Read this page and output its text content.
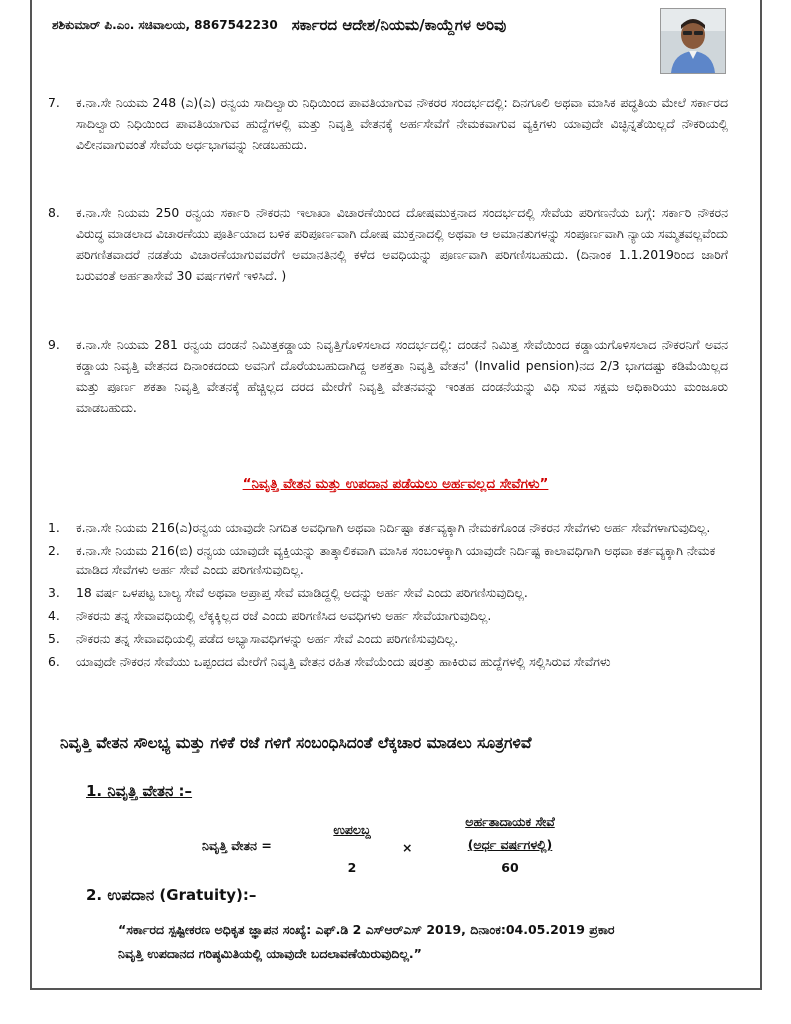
ಶಶಿಕುಮಾರ್ ಪಿ.ಎಂ. ಸಚಿವಾಲಯ, 8867542230 ಸರ್ಕಾರದ ಆದೇಶ/ನಿಯಮ/ಕಾಯ್ದೆಗಳ ಅರಿವು
7. ಕ.ನಾ.ಸೇ ನಿಯಮ 248 (ಎ)(ಎ) ರನ್ವಯ ಸಾದಿಲ್ವಾರು ನಿಧಿಯಿಂದ ಪಾವತಿಯಾಗುವ ನೌಕರರ ಸಂದರ್ಭದಲ್ಲಿ: ದಿನಗೂಲಿ ಅಥವಾ ಮಾಸಿಕ ಪದ್ಧತಿಯ ಮೇಲೆ ಸರ್ಕಾರದ ಸಾದಿಲ್ವಾರು ನಿಧಿಯಿಂದ ಪಾವತಿಯಾಗುವ ಹುದ್ದೆಗಳಲ್ಲಿ ಮತ್ತು ನಿವೃತ್ತಿ ವೇತನಕ್ಕೆ ಅರ್ಹಸೇವೆಗೆ ನೇಮಕವಾಗುವ ವ್ಯಕ್ತಿಗಳು ಯಾವುದೇ ವಿಚ್ಛಿನ್ನತೆಯಿಲ್ಲದೆ ನೌಕರಿಯಲ್ಲಿ ವಿಲೀನವಾಗುವಂತೆ ಸೇವೆಯ ಅರ್ಧಭಾಗವನ್ನು ನೀಡಬಹುದು.
8. ಕ.ನಾ.ಸೇ ನಿಯಮ 250 ರನ್ವಯ ಸರ್ಕಾರಿ ನೌಕರನು ಇಲಾಖಾ ವಿಚಾರಣೆಯಿಂದ ದೋಷಮುಕ್ತನಾದ ಸಂದರ್ಭದಲ್ಲಿ ಸೇವೆಯ ಪರಿಗಣನೆಯ ಬಗ್ಗೆ: ಸರ್ಕಾರಿ ನೌಕರನ ವಿರುದ್ಧ ಮಾಡಲಾದ ವಿಚಾರಣೆಯು ಪೂರ್ತಿಯಾದ ಬಳಿಕ ಪರಿಪೂರ್ಣವಾಗಿ ದೋಷ ಮುಕ್ತನಾದಲ್ಲಿ ಅಥವಾ ಆ ಅಮಾನತುಗಳನ್ನು ಸಂಪೂರ್ಣವಾಗಿ ನ್ಯಾಯ ಸಮ್ಮತವಲ್ಲವೆಂದು ಪರಿಗಣಿತವಾದರೆ ನಡತೆಯ ವಿಚಾರಣೆಯಾಗುವವರೆಗೆ ಅಮಾನತಿನಲ್ಲಿ ಕಳೆದ ಅವಧಿಯನ್ನು ಪೂರ್ಣವಾಗಿ ಪರಿಗಣಿಸಬಹುದು. (ದಿನಾಂಕ 1.1.2019ರಿಂದ ಜಾರಿಗೆ ಬರುವಂತೆ ಅರ್ಹತಾಸೇವೆ 30 ವರ್ಷಗಳಿಗೆ ಇಳಿಸಿದೆ. )
9. ಕ.ನಾ.ಸೇ ನಿಯಮ 281 ರನ್ವಯ ದಂಡನೆ ನಿಮಿತ್ತಕಡ್ಡಾಯ ನಿವೃತ್ತಿಗೊಳಿಸಲಾದ ಸಂದರ್ಭದಲ್ಲಿ: ದಂಡನೆ ನಿಮಿತ್ತ ಸೇವೆಯಿಂದ ಕಡ್ಡಾಯಗೊಳಿಸಲಾದ ನೌಕರನಿಗೆ ಅವನ ಕಡ್ಡಾಯ ನಿವೃತ್ತಿ ವೇತನದ ದಿನಾಂಕದಂದು ಅವನಿಗೆ ದೊರೆಯಬಹುದಾಗಿದ್ದ ಅಶಕ್ತತಾ ನಿವೃತ್ತಿ ವೇತನ' (Invalid pension)ನದ 2/3 ಭಾಗದಷ್ಟು ಕಡಿಮೆಯಿಲ್ಲದ ಮತ್ತು ಪೂರ್ಣ ಶಕತಾ ನಿವೃತ್ತಿ ವೇತನಕ್ಕೆ ಹೆಚ್ಚಿಲ್ಲದ ದರದ ಮೇರೆಗೆ ನಿವೃತ್ತಿ ವೇತನವನ್ನು ಇಂತಹ ದಂಡನೆಯನ್ನು ವಿಧಿ ಸುವ ಸಕ್ಷಮ ಅಧಿಕಾರಿಯು ಮಂಜೂರು ಮಾಡಬಹುದು.
“ನಿವೃತ್ತಿ ವೇತನ ಮತ್ತು ಉಪದಾನ ಪಡೆಯಲು ಅರ್ಹವಲ್ಲದ ಸೇವೆಗಳು”
1. ಕ.ನಾ.ಸೇ ನಿಯಮ 216(ಎ)ರನ್ವಯ ಯಾವುದೇ ನಿಗದಿತ ಅವಧಿಗಾಗಿ ಅಥವಾ ನಿರ್ದಿಷ್ಟಾ ಕರ್ತವ್ಯಕ್ಕಾಗಿ ನೇಮಕಗೊಂಡ ನೌಕರನ ಸೇವೆಗಳು ಅರ್ಹ ಸೇವೆಗಳಾಗುವುದಿಲ್ಲ.
2. ಕ.ನಾ.ಸೇ ನಿಯಮ 216(ಬಿ) ರನ್ವಯ ಯಾವುದೇ ವ್ಯಕ್ತಿಯನ್ನು ತಾತ್ಕಾಲಿಕವಾಗಿ ಮಾಸಿಕ ಸಂಬಂಳಕ್ಕಾಗಿ ಯಾವುದೇ ನಿರ್ದಿಷ್ಟ ಕಾಲಾವಧಿಗಾಗಿ ಅಥವಾ ಕರ್ತವ್ಯಕ್ಕಾಗಿ ನೇಮಕ ಮಾಡಿದ ಸೇವೆಗಳು ಅರ್ಹ ಸೇವೆ ಎಂದು ಪರಿಗಣಿಸುವುದಿಲ್ಲ.
3. 18 ವರ್ಷ ಒಳಪಟ್ಟ ಬಾಲ್ಯ ಸೇವೆ ಅಥವಾ ಅಪ್ರಾಪ್ತ ಸೇವೆ ಮಾಡಿದ್ದಲ್ಲಿ ಅದನ್ನು ಅರ್ಹ ಸೇವೆ ಎಂದು ಪರಿಗಣಿಸುವುದಿಲ್ಲ.
4. ನೌಕರನು ತನ್ನ ಸೇವಾವಧಿಯಲ್ಲಿ ಲೆಕ್ಕಕ್ಕಿಲ್ಲದ ರಜೆ ಎಂದು ಪರಿಗಣಿಸಿದ ಅವಧಿಗಳು ಅರ್ಹ ಸೇವೆಯಾಗುವುದಿಲ್ಲ.
5. ನೌಕರನು ತನ್ನ ಸೇವಾವಧಿಯಲ್ಲಿ ಪಡೆದ ಅಭ್ಯಾಸಾವಧಿಗಳನ್ನು ಅರ್ಹ ಸೇವೆ ಎಂದು ಪರಿಗಣಿಸುವುದಿಲ್ಲ.
6. ಯಾವುದೇ ನೌಕರನ ಸೇವೆಯು ಒಪ್ಪಂದದ ಮೇರೆಗೆ ನಿವೃತ್ತಿ ವೇತನ ರಹಿತ ಸೇವೆಯೆಂದು ಷರತ್ತು ಹಾಕಿರುವ ಹುದ್ದೆಗಳಲ್ಲಿ ಸಲ್ಲಿಸಿರುವ ಸೇವೆಗಳು
ನಿವೃತ್ತಿ ವೇತನ ಸೌಲಭ್ಯ ಮತ್ತು ಗಳಿಕೆ ರಜೆ ಗಳಿಗೆ ಸಂಬಂಧಿಸಿದಂತೆ ಲೆಕ್ಕಚಾರ ಮಾಡಲು ಸೂತ್ರಗಳಿವೆ
1. ನಿವೃತ್ತಿ ವೇತನ :–
ನಿವೃತ್ತಿ ವೇತನ =
ಉಪಲಬ್ದ
2
×
ಅರ್ಹತಾದಾಯಕ ಸೇವೆ
(ಅರ್ಧ ವರ್ಷಗಳಲ್ಲಿ)
60
2. ಉಪದಾನ (Gratuity):–
“ಸರ್ಕಾರದ ಸ್ಪಷ್ಟೀಕರಣ ಅಧಿಕೃತ ಜ್ಞಾಪನ ಸಂಖ್ಯೆ: ಎಫ್.ಡಿ 2 ಎಸ್‌ಆರ್‌ಎಸ್ 2019, ದಿನಾಂಕ:04.05.2019 ಪ್ರಕಾರ
ನಿವೃತ್ತಿ ಉಪದಾನದ ಗರಿಷ್ಠಮಿತಿಯಲ್ಲಿ ಯಾವುದೇ ಬದಲಾವಣೆಯಿರುವುದಿಲ್ಲ.”
